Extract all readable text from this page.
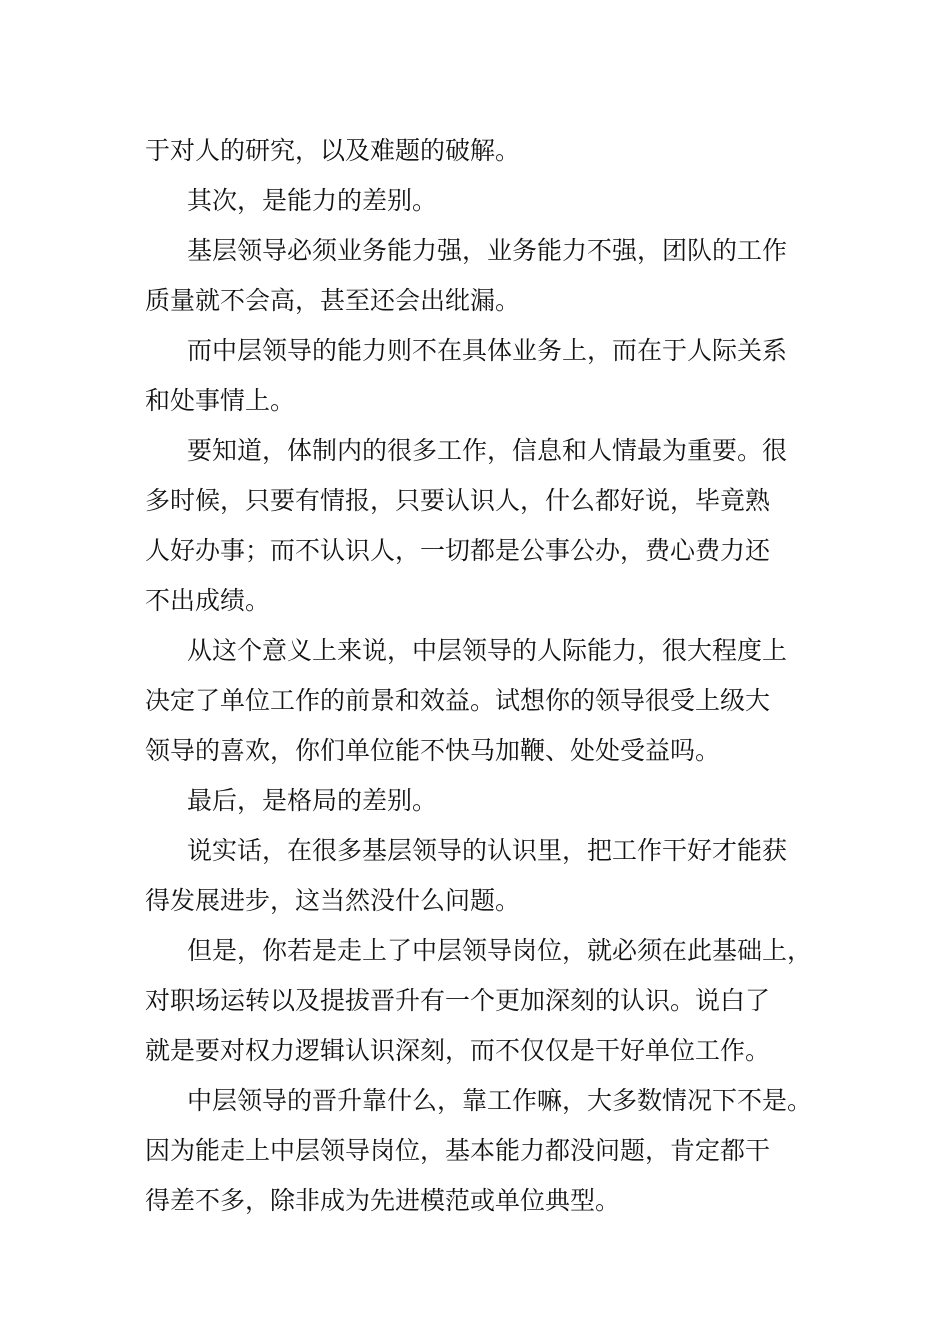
于对人的研究，以及难题的破解。
其次，是能力的差别。
基层领导必须业务能力强，业务能力不强，团队的工作
质量就不会高，甚至还会出纰漏。
而中层领导的能力则不在具体业务上，而在于人际关系
和处事情上。
要知道，体制内的很多工作，信息和人情最为重要。很
多时候，只要有情报，只要认识人，什么都好说，毕竟熟
人好办事；而不认识人，一切都是公事公办，费心费力还
不出成绩。
从这个意义上来说，中层领导的人际能力，很大程度上
决定了单位工作的前景和效益。试想你的领导很受上级大
领导的喜欢，你们单位能不快马加鞭、处处受益吗。
最后，是格局的差别。
说实话，在很多基层领导的认识里，把工作干好才能获
得发展进步，这当然没什么问题。
但是，你若是走上了中层领导岗位，就必须在此基础上，
对职场运转以及提拔晋升有一个更加深刻的认识。说白了
就是要对权力逻辑认识深刻，而不仅仅是干好单位工作。
中层领导的晋升靠什么，靠工作嘛，大多数情况下不是。
因为能走上中层领导岗位，基本能力都没问题，肯定都干
得差不多，除非成为先进模范或单位典型。
